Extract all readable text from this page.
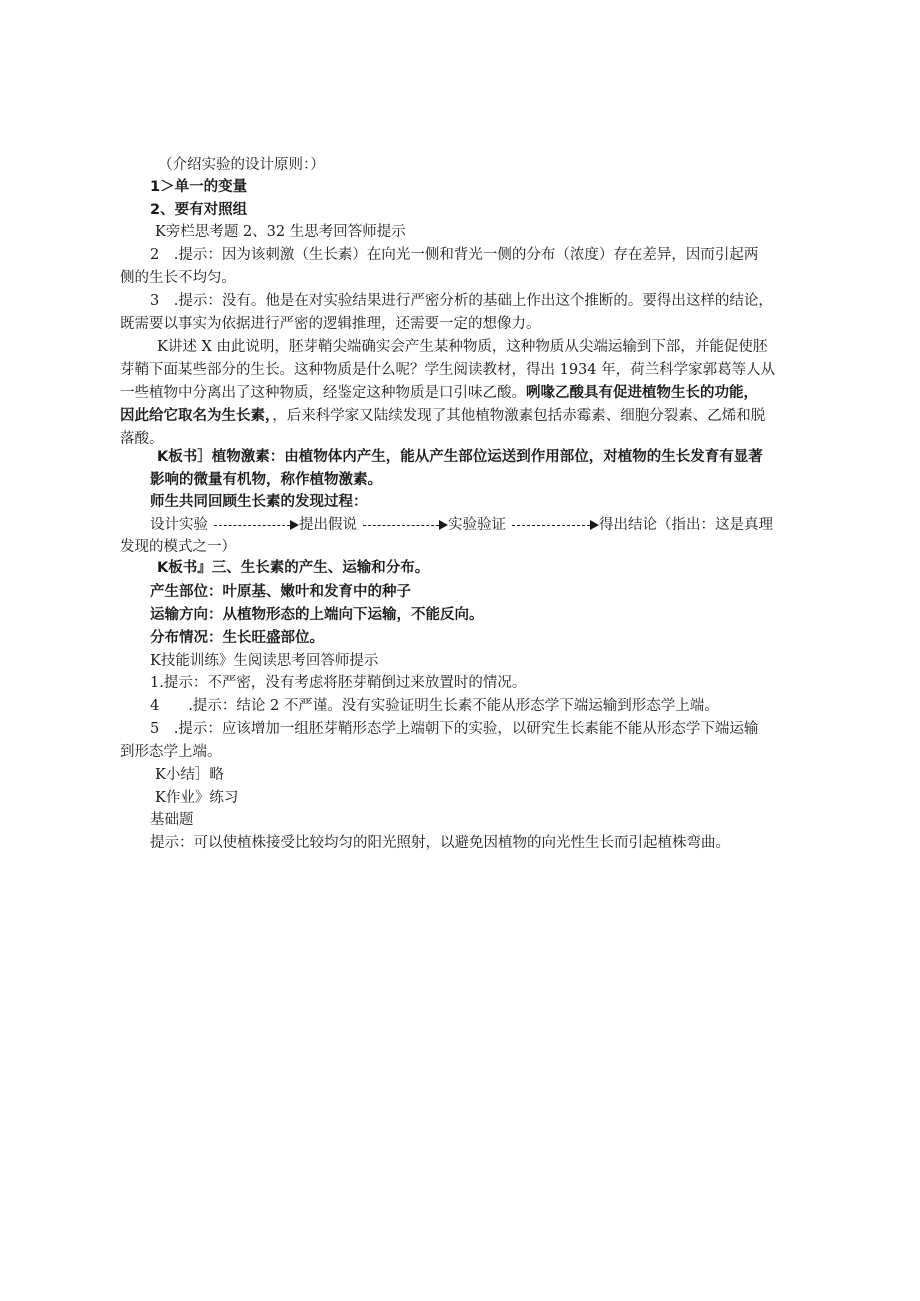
（介绍实验的设计原则：）
1＞单一的变量
2、要有对照组
K旁栏思考题 2、32 生思考回答师提示
2　.提示：因为该刺激（生长素）在向光一侧和背光一侧的分布（浓度）存在差异，因而引起两
侧的生长不均匀。
3　.提示：没有。他是在对实验结果进行严密分析的基础上作出这个推断的。要得出这样的结论，
既需要以事实为依据进行严密的逻辑推理，还需要一定的想像力。
K讲述 X 由此说明，胚芽鞘尖端确实会产生某种物质，这种物质从尖端运输到下部，并能促使胚
芽鞘下面某些部分的生长。这种物质是什么呢？学生阅读教材，得出 1934 年，荷兰科学家郭葛等人从
一些植物中分离出了这种物质，经鉴定这种物质是口引味乙酸。咧喙乙酸具有促进植物生长的功能，
因此给它取名为生长素，，后来科学家又陆续发现了其他植物激素包括赤霉素、细胞分裂素、乙烯和脱
落酸。
K板书］植物激素：由植物体内产生，能从产生部位运送到作用部位，对植物的生长发育有显著
影响的微量有机物，称作植物激素。
师生共同回顾生长素的发现过程：
设计实验	提出假说	实验验证	得出结论（指出：这是真理
发现的模式之一）
K板书』三、生长素的产生、运输和分布。
产生部位：叶原基、嫩叶和发育中的种子
运输方向：从植物形态的上端向下运输，不能反向。
分布情况：生长旺盛部位。
K技能训练》生阅读思考回答师提示
1.提示：不严密，没有考虑将胚芽鞘倒过来放置时的情况。
4　　.提示：结论 2 不严谨。没有实验证明生长素不能从形态学下端运输到形态学上端。
5　.提示：应该增加一组胚芽鞘形态学上端朝下的实验，以研究生长素能不能从形态学下端运输
到形态学上端。
K小结］略
K作业》练习
基础题
提示：可以使植株接受比较均匀的阳光照射，以避免因植物的向光性生长而引起植株弯曲。
